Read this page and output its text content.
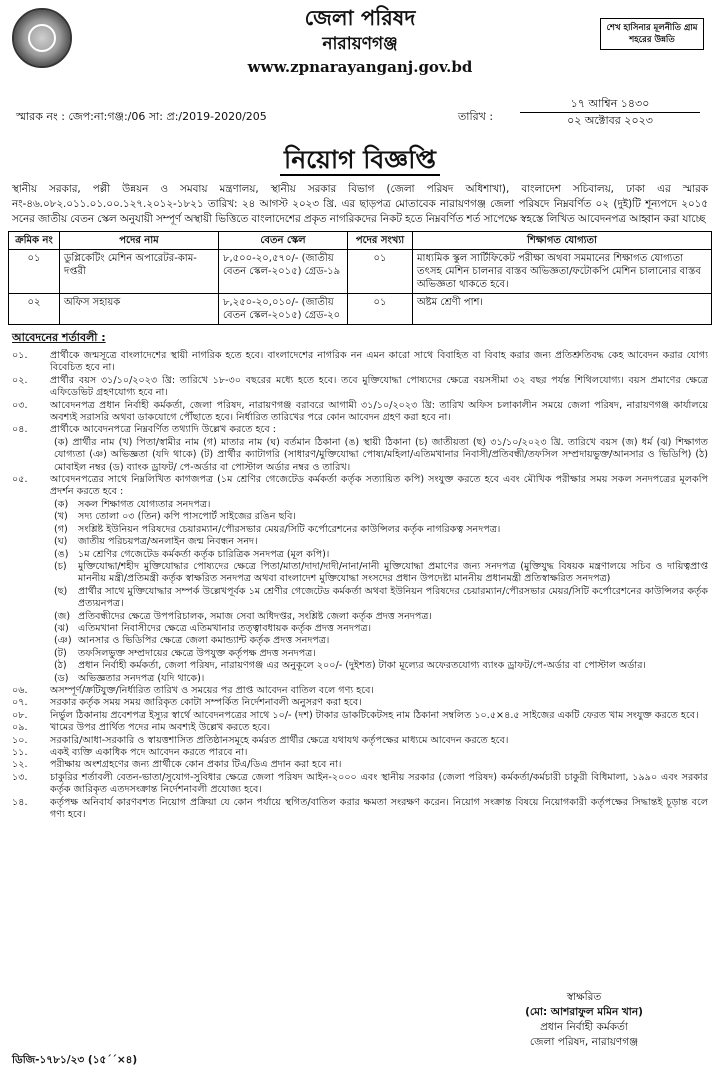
জেলা পরিষদ
নারায়ণগঞ্জ
www.zpnarayanganj.gov.bd
শেখ হাসিনার মূলনীতি গ্রাম শহরের উন্নতি
স্মারক নং : জেপ:না:গঞ্জ:/06 সা: প্র:/2019-2020/205	তারিখ :
১৭ আশ্বিন ১৪৩০
০২ অক্টোবর ২০২৩
নিয়োগ বিজ্ঞপ্তি
স্থানীয় সরকার, পল্লী উন্নয়ন ও সমবায় মন্ত্রণালয়, স্থানীয় সরকার বিভাগ (জেলা পরিষদ অধিশাখা), বাংলাদেশ সচিবালয়, ঢাকা এর স্মারক নং-৪৬.০৮২.০১১.০১.০০.১২৭.২০১২-১৮২১ তারিখ: ২৪ আগস্ট ২০২৩ খ্রি. এর ছাড়পত্র মোতাবেক নারায়ণগঞ্জ জেলা পরিষদে নিম্নবর্ণিত ০২ (দুই)টি শূন্যপদে ২০১৫ সনের জাতীয় বেতন স্কেল অনুযায়ী সম্পূর্ণ অস্থায়ী ভিত্তিতে বাংলাদেশের প্রকৃত নাগরিকদের নিকট হতে নিম্নবর্ণিত শর্ত সাপেক্ষে স্বহস্তে লিখিত আবেদনপত্র আহ্বান করা যাচ্ছে
ক্রমিক নং	পদের নাম	বেতন স্কেল	পদের সংখ্যা	শিক্ষাগত যোগ্যতা
০১	ডুপ্লিকেটিং মেশিন অপারেটর-কাম-দপ্তরী	৮,৫০০-২০,৫৭০/- (জাতীয় বেতন স্কেল-২০১৫) গ্রেড-১৯	০১	মাধ্যমিক স্কুল সার্টিফিকেট পরীক্ষা অথবা সমমানের শিক্ষাগত যোগ্যতা তৎসহ মেশিন চালনার বাস্তব অভিজ্ঞতা/ফটোকপি মেশিন চালানোর বাস্তব অভিজ্ঞতা থাকতে হবে।
০২	অফিস সহায়ক	৮,২৫০-২০,০১০/- (জাতীয় বেতন স্কেল-২০১৫) গ্রেড-২০	০১	অষ্টম শ্রেণী পাশ।
আবেদনের শর্তাবলী :
০১.	প্রার্থীকে জন্মসূত্রে বাংলাদেশের স্থায়ী নাগরিক হতে হবে। বাংলাদেশের নাগরিক নন এমন কারো সাথে বিবাহিত বা বিবাহ করার জন্য প্রতিশ্রুতিবদ্ধ কেহ আবেদন করার যোগ্য বিবেচিত হবে না।
০২.	প্রার্থীর বয়স ৩১/১০/২০২৩ খ্রি: তারিখে ১৮-৩০ বছরের মধ্যে হতে হবে। তবে মুক্তিযোদ্ধা পোষ্যদের ক্ষেত্রে বয়সসীমা ৩২ বছর পর্যন্ত শিথিলযোগ্য। বয়স প্রমাণের ক্ষেত্রে এফিডেভিট গ্রহণযোগ্য হবে না।
০৩.	আবেদনপত্র প্রধান নির্বাহী কর্মকর্তা, জেলা পরিষদ, নারায়ণগঞ্জ বরাবরে আগামী ৩১/১০/২০২৩ খ্রি: তারিখ অফিস চলাকালীন সময়ে জেলা পরিষদ, নারায়ণগঞ্জ কার্যালয়ে অবশ্যই সরাসরি অথবা ডাকযোগে পৌঁছাতে হবে। নির্ধারিত তারিখের পরে কোন আবেদন গ্রহণ করা হবে না।
০৪.	প্রার্থীকে আবেদনপত্রে নিম্নবর্ণিত তথ্যাদি উল্লেখ করতে হবে :
(ক) প্রার্থীর নাম (খ) পিতা/স্বামীর নাম (গ) মাতার নাম (ঘ) বর্তমান ঠিকানা (ঙ) স্থায়ী ঠিকানা (চ) জাতীয়তা (ছ) ৩১/১০/২০২৩ খ্রি. তারিখে বয়স (জ) ধর্ম (ঝ) শিক্ষাগত যোগ্যতা (ঞ) অভিজ্ঞতা (যদি থাকে) (ট) প্রার্থীর ক্যাটাগরি (সাধারণ/মুক্তিযোদ্ধা পোষ্য/মহিলা/এতিমখানার নিবাসী/প্রতিবন্ধী/তফসিল সম্প্রদায়ভুক্ত/আনসার ও ভিডিপি) (ঠ) মোবাইল নম্বর (ড) ব্যাংক ড্রাফট/ পে-অর্ডার বা পোস্টাল অর্ডার নম্বর ও তারিখ।
০৫.	আবেদনপত্রের সাথে নিম্নলিখিত কাগজপত্র (১ম শ্রেণির গেজেটেড কর্মকর্তা কর্তৃক সত্যায়িত কপি) সংযুক্ত করতে হবে এবং মৌখিক পরীক্ষার সময় সকল সনদপত্রের মূলকপি প্রদর্শন করতে হবে :
(ক)	সকল শিক্ষাগত যোগ্যতার সনদপত্র।
(খ)	সদ্য তোলা ০৩ (তিন) কপি পাসপোর্ট সাইজের রঙিন ছবি।
(গ)	সংশ্লিষ্ট ইউনিয়ন পরিষদের চেয়ারম্যান/পৌরসভার মেয়র/সিটি কর্পোরেশনের কাউন্সিলর কর্তৃক নাগরিকত্ব সনদপত্র।
(ঘ)	জাতীয় পরিচয়পত্র/অনলাইন জন্ম নিবন্ধন সনদ।
(ঙ) ১ম শ্রেণির গেজেটেড কর্মকর্তা কর্তৃক চারিত্রিক সনদপত্র (মূল কপি)।
(চ)	মুক্তিযোদ্ধা/শহীদ মুক্তিযোদ্ধার পোষ্যদের ক্ষেত্রে পিতা/মাতা/দাদা/দাদী/নানা/নানী মুক্তিযোদ্ধা প্রমাণের জন্য সনদপত্র (মুক্তিযুদ্ধ বিষয়ক মন্ত্রণালয়ে সচিব ও দায়িত্বপ্রাপ্ত মাননীয় মন্ত্রী/প্রতিমন্ত্রী কর্তৃক স্বাক্ষরিত সনদপত্র অথবা বাংলাদেশ মুক্তিযোদ্ধা সংসদের প্রধান উপদেষ্টা মাননীয় প্রধানমন্ত্রী প্রতিস্বাক্ষরিত সনদপত্র)
(ছ)	প্রার্থীর সাথে মুক্তিযোদ্ধার সম্পর্ক উল্লেখপূর্বক ১ম শ্রেণীর গেজেটেড কর্মকর্তা অথবা ইউনিয়ন পরিষদের চেয়ারম্যান/পৌরসভার মেয়র/সিটি কর্পোরেশনের কাউন্সিলর কর্তৃক প্রত্যয়নপত্র।
(জ) প্রতিবন্ধীদের ক্ষেত্রে উপপরিচালক, সমাজ সেবা অধিদপ্তর, সংশ্লিষ্ট জেলা কর্তৃক প্রদত্ত সনদপত্র।
(ঝ) এতিমখানা নিবাসীদের ক্ষেত্রে এতিমখানার তত্ত্বাবধায়ক কর্তৃক প্রদত্ত সনদপত্র।
(ঞ) আনসার ও ভিডিপির ক্ষেত্রে জেলা কমান্ড্যান্ট কর্তৃক প্রদত্ত সনদপত্র।
(ট)	তফসিলভুক্ত সম্প্রদায়ের ক্ষেত্রে উপযুক্ত কর্তৃপক্ষ প্রদত্ত সনদপত্র।
(ঠ)	প্রধান নির্বাহী কর্মকর্তা, জেলা পরিষদ, নারায়ণগঞ্জ এর অনুকূলে ২০০/- (দুইশত) টাকা মূল্যের অফেরতযোগ্য ব্যাংক ড্রাফট/পে-অর্ডার বা পোস্টাল অর্ডার।
(ড) অভিজ্ঞতার সনদপত্র (যদি থাকে)।
০৬.	অসম্পূর্ণ/ক্রটিযুক্ত/নির্ধারিত তারিখ ও সময়ের পর প্রাপ্ত আবেদন বাতিল বলে গণ্য হবে।
০৭.	সরকার কর্তৃক সময় সময় জারিকৃত কোটা সম্পর্কিত নির্দেশনাবলী অনুসরণ করা হবে।
০৮.	নির্ভুল ঠিকানায় প্রবেশপত্র ইস্যুর স্বার্থে আবেদনপত্রের সাথে ১০/- (দশ) টাকার ডাকটিকেটসহ নাম ঠিকানা সম্বলিত ১০.৫×৪.৫ সাইজের একটি ফেরত খাম সংযুক্ত করতে হবে।
০৯.	খামের উপর প্রার্থিত পদের নাম অবশ্যই উল্লেখ করতে হবে।
১০.	সরকারি/আধা-সরকারি ও স্বায়ত্তশাসিত প্রতিষ্ঠানসমূহে কর্মরত প্রার্থীর ক্ষেত্রে যথাযথ কর্তৃপক্ষের মাধ্যমে আবেদন করতে হবে।
১১.	একই ব্যক্তি একাধিক পদে আবেদন করতে পারবে না।
১২.	পরীক্ষায় অংশগ্রহণের জন্য প্রার্থীকে কোন প্রকার টিএ/ডিএ প্রদান করা হবে না।
১৩.	চাকুরির শর্তাবলী বেতন-ভাতা/সুযোগ-সুবিধার ক্ষেত্রে জেলা পরিষদ আইন-২০০০ এবং স্থানীয় সরকার (জেলা পরিষদ) কর্মকর্তা/কর্মচারী চাকুরী বিধিমালা, ১৯৯০ এবং সরকার কর্তৃক জারিকৃত এতদসংক্রান্ত নির্দেশনাবলী প্রযোজ্য হবে।
১৪.	কর্তৃপক্ষ অনিবার্য কারণবশত নিয়োগ প্রক্রিয়া যে কোন পর্যায়ে স্থগিত/বাতিল করার ক্ষমতা সংরক্ষণ করেন। নিয়োগ সংক্রান্ত বিষয়ে নিয়োগকারী কর্তৃপক্ষের সিদ্ধান্তই চূড়ান্ত বলে গণ্য হবে।
স্বাক্ষরিত
(মো: আশরাফুল মমিন খান)
প্রধান নির্বাহী কর্মকর্তা
জেলা পরিষদ, নারায়ণগঞ্জ
ডিজি-১৭৮১/২৩ (১৫´´×৪)
